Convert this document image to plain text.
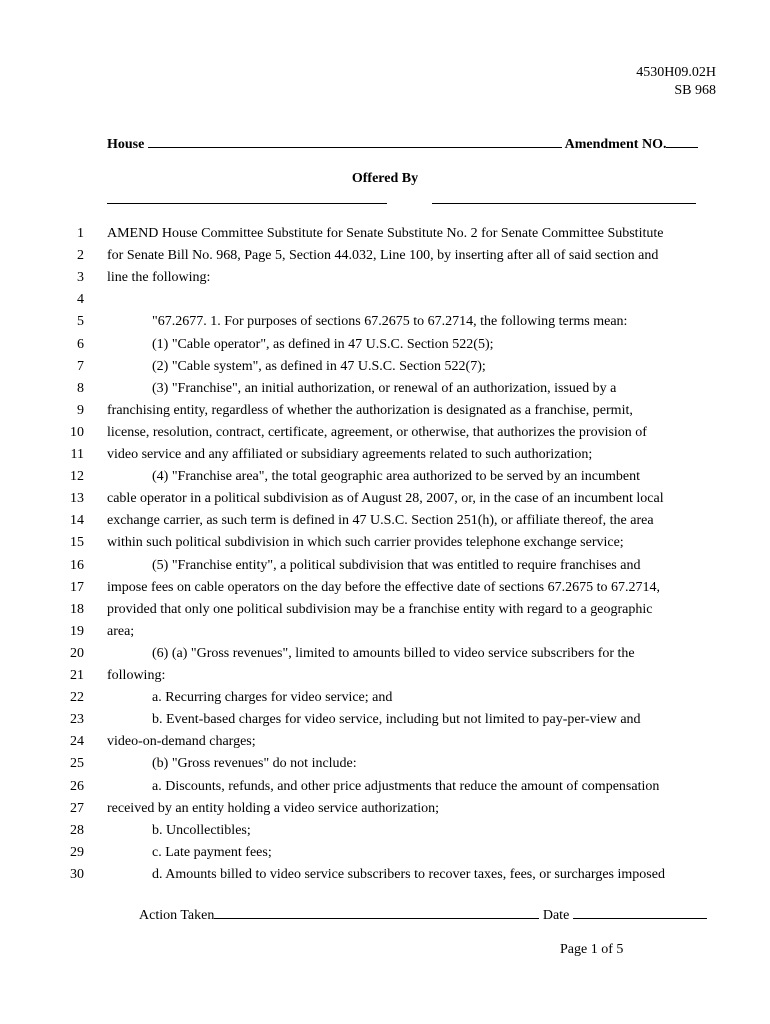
4530H09.02H
SB 968
House	Amendment NO.
Offered By
1 AMEND House Committee Substitute for Senate Substitute No. 2 for Senate Committee Substitute
2 for Senate Bill No. 968, Page 5, Section 44.032, Line 100, by inserting after all of said section and
3 line the following:
4
5	"67.2677. 1. For purposes of sections 67.2675 to 67.2714, the following terms mean:
6	(1) "Cable operator", as defined in 47 U.S.C. Section 522(5);
7	(2) "Cable system", as defined in 47 U.S.C. Section 522(7);
8	(3) "Franchise", an initial authorization, or renewal of an authorization, issued by a
9 franchising entity, regardless of whether the authorization is designated as a franchise, permit,
10 license, resolution, contract, certificate, agreement, or otherwise, that authorizes the provision of
11 video service and any affiliated or subsidiary agreements related to such authorization;
12	(4) "Franchise area", the total geographic area authorized to be served by an incumbent
13 cable operator in a political subdivision as of August 28, 2007, or, in the case of an incumbent local
14 exchange carrier, as such term is defined in 47 U.S.C. Section 251(h), or affiliate thereof, the area
15 within such political subdivision in which such carrier provides telephone exchange service;
16	(5) "Franchise entity", a political subdivision that was entitled to require franchises and
17 impose fees on cable operators on the day before the effective date of sections 67.2675 to 67.2714,
18 provided that only one political subdivision may be a franchise entity with regard to a geographic
19 area;
20	(6) (a) "Gross revenues", limited to amounts billed to video service subscribers for the
21 following:
22	a. Recurring charges for video service; and
23	b. Event-based charges for video service, including but not limited to pay-per-view and
24 video-on-demand charges;
25	(b) "Gross revenues" do not include:
26	a. Discounts, refunds, and other price adjustments that reduce the amount of compensation
27 received by an entity holding a video service authorization;
28	b. Uncollectibles;
29	c. Late payment fees;
30	d. Amounts billed to video service subscribers to recover taxes, fees, or surcharges imposed
Action Taken	Date
Page 1 of 5
